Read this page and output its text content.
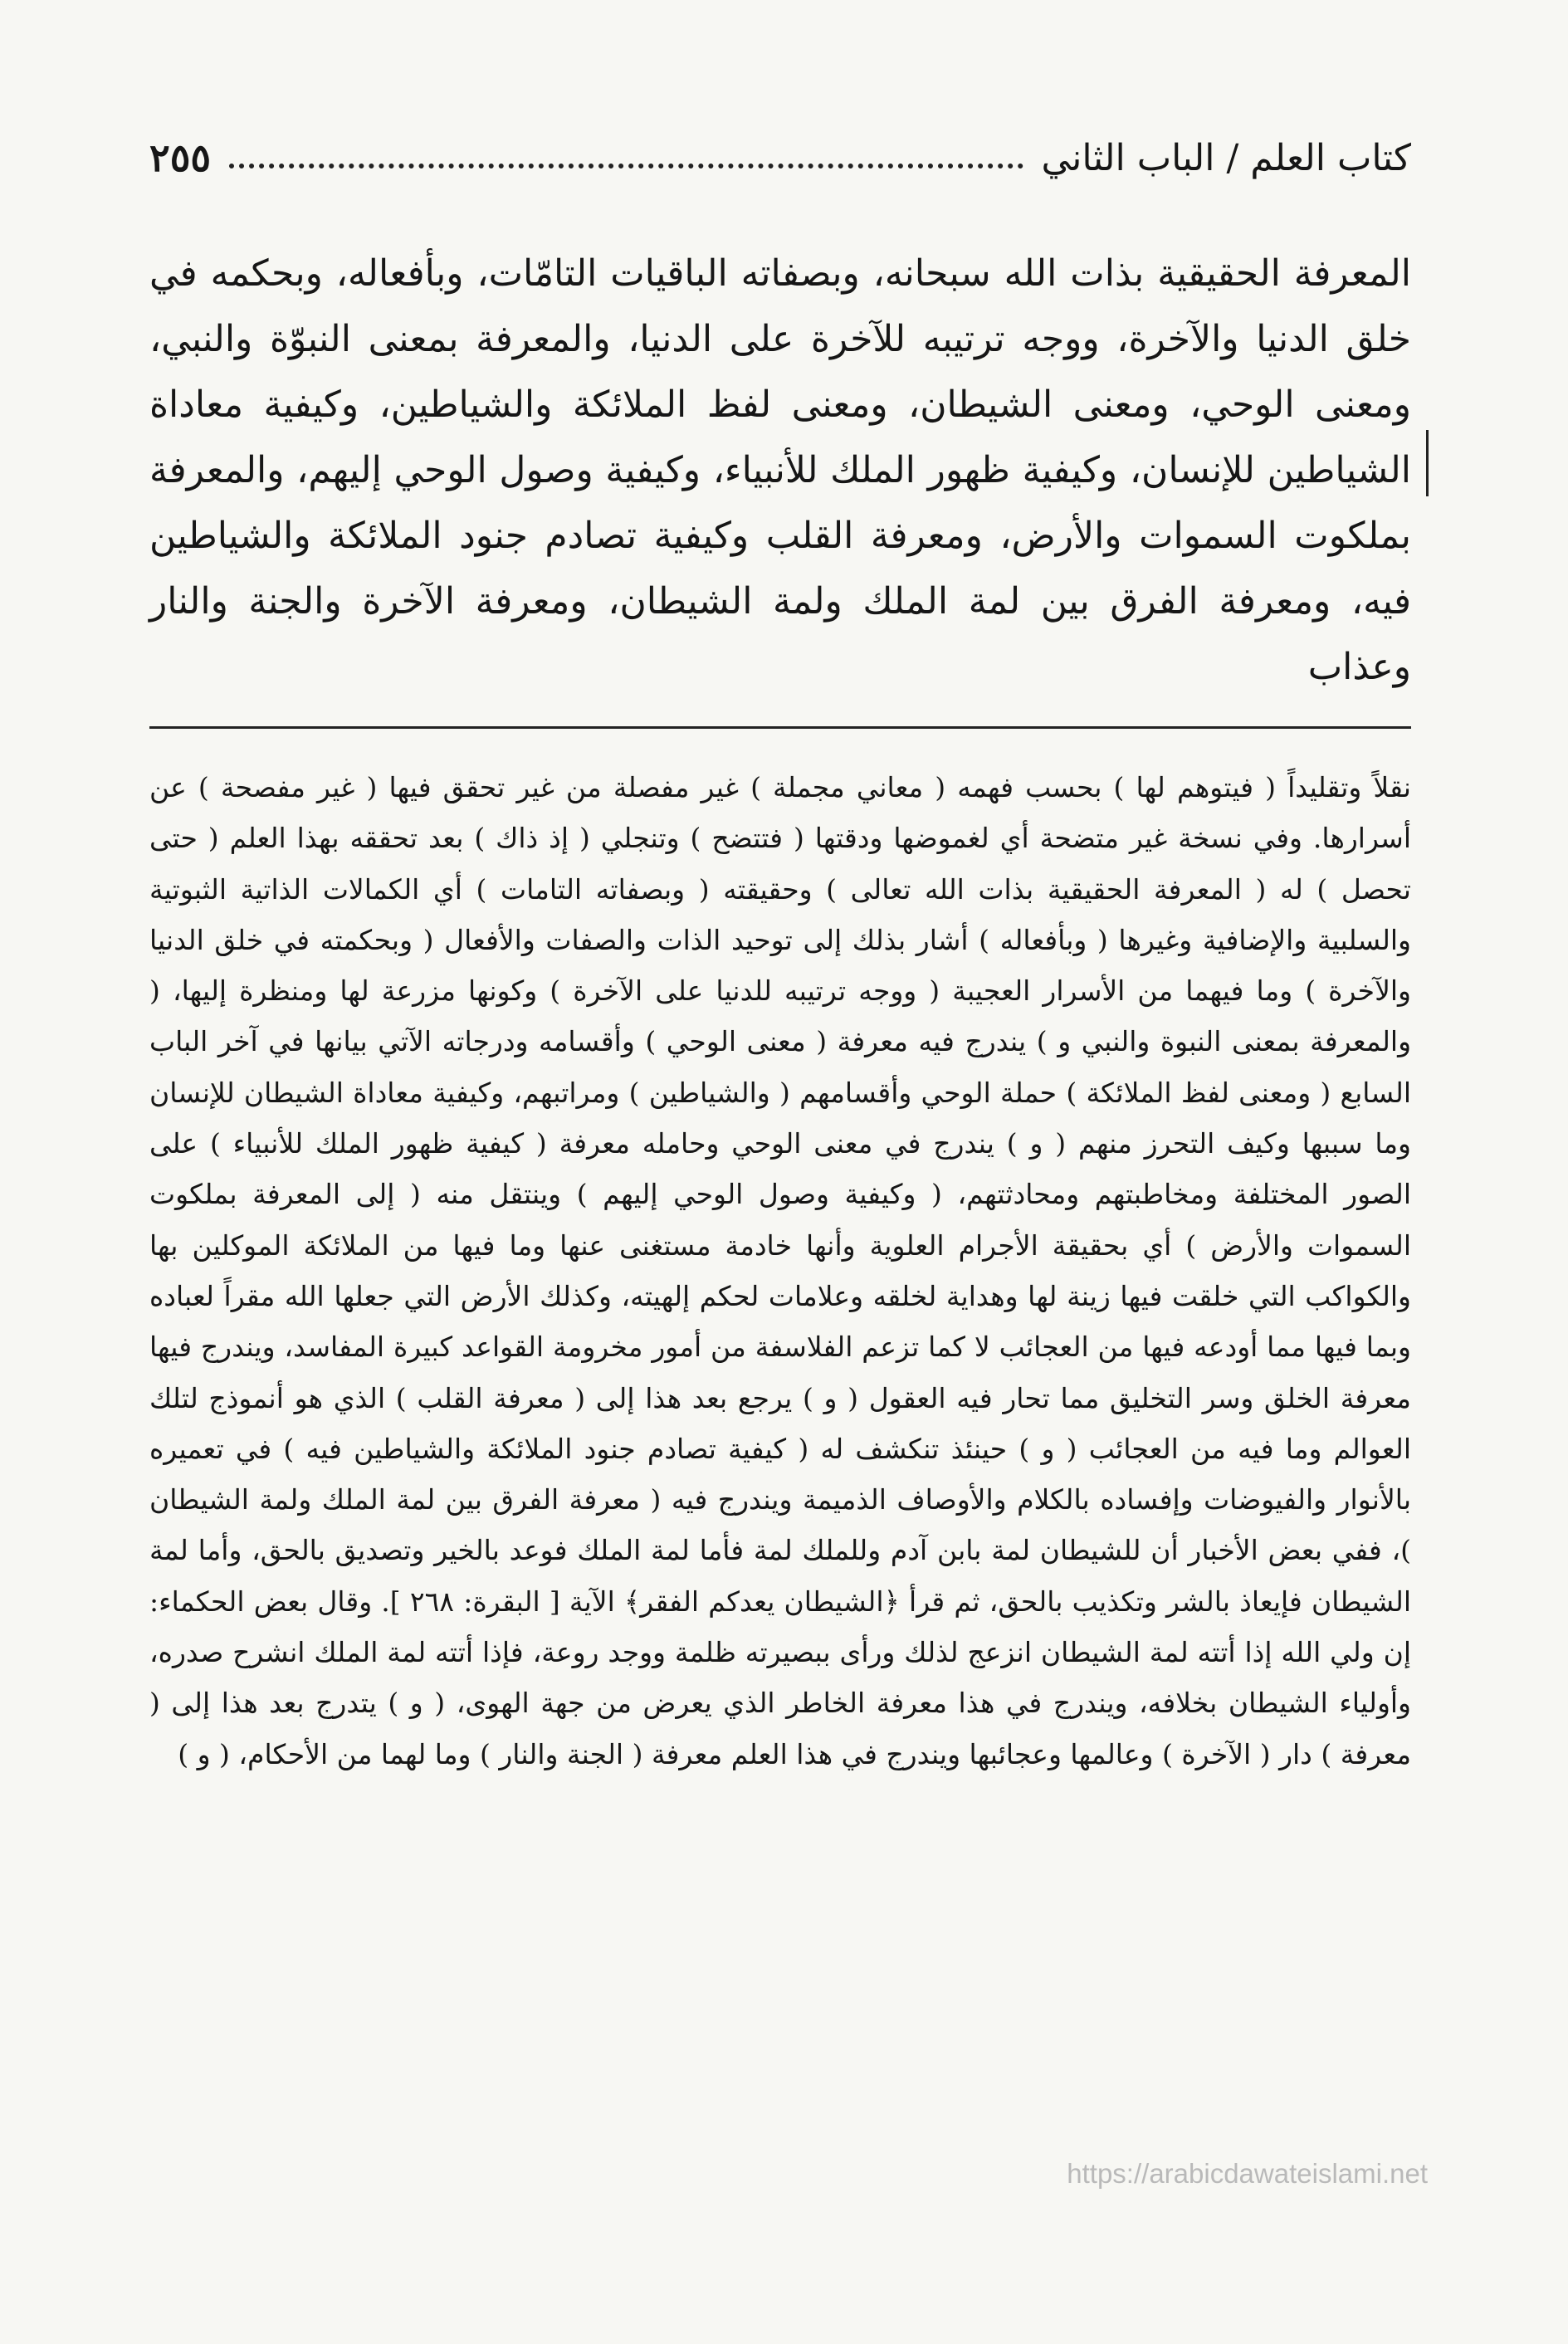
كتاب العلم / الباب الثاني
٢٥٥

المعرفة الحقيقية بذات الله سبحانه، وبصفاته الباقيات التامّات، وبأفعاله، وبحكمه في خلق الدنيا والآخرة، ووجه ترتيبه للآخرة على الدنيا، والمعرفة بمعنى النبوّة والنبي، ومعنى الوحي، ومعنى الشيطان، ومعنى لفظ الملائكة والشياطين، وكيفية معاداة الشياطين للإنسان، وكيفية ظهور الملك للأنبياء، وكيفية وصول الوحي إليهم، والمعرفة بملكوت السموات والأرض، ومعرفة القلب وكيفية تصادم جنود الملائكة والشياطين فيه، ومعرفة الفرق بين لمة الملك ولمة الشيطان، ومعرفة الآخرة والجنة والنار وعذاب

نقلاً وتقليداً ( فيتوهم لها ) بحسب فهمه ( معاني مجملة ) غير مفصلة من غير تحقق فيها ( غير مفصحة ) عن أسرارها. وفي نسخة غير متضحة أي لغموضها ودقتها ( فتتضح ) وتنجلي ( إذ ذاك ) بعد تحققه بهذا العلم ( حتى تحصل ) له ( المعرفة الحقيقية بذات الله تعالى ) وحقيقته ( وبصفاته التامات ) أي الكمالات الذاتية الثبوتية والسلبية والإضافية وغيرها ( وبأفعاله ) أشار بذلك إلى توحيد الذات والصفات والأفعال ( وبحكمته في خلق الدنيا والآخرة ) وما فيهما من الأسرار العجيبة ( ووجه ترتيبه للدنيا على الآخرة ) وكونها مزرعة لها ومنظرة إليها، ( والمعرفة بمعنى النبوة والنبي و ) يندرج فيه معرفة ( معنى الوحي ) وأقسامه ودرجاته الآتي بيانها في آخر الباب السابع ( ومعنى لفظ الملائكة ) حملة الوحي وأقسامهم ( والشياطين ) ومراتبهم، وكيفية معاداة الشيطان للإنسان وما سببها وكيف التحرز منهم ( و ) يندرج في معنى الوحي وحامله معرفة ( كيفية ظهور الملك للأنبياء ) على الصور المختلفة ومخاطبتهم ومحادثتهم، ( وكيفية وصول الوحي إليهم ) وينتقل منه ( إلى المعرفة بملكوت السموات والأرض ) أي بحقيقة الأجرام العلوية وأنها خادمة مستغنى عنها وما فيها من الملائكة الموكلين بها والكواكب التي خلقت فيها زينة لها وهداية لخلقه وعلامات لحكم إلهيته، وكذلك الأرض التي جعلها الله مقراً لعباده وبما فيها مما أودعه فيها من العجائب لا كما تزعم الفلاسفة من أمور مخرومة القواعد كبيرة المفاسد، ويندرج فيها معرفة الخلق وسر التخليق مما تحار فيه العقول ( و ) يرجع بعد هذا إلى ( معرفة القلب ) الذي هو أنموذج لتلك العوالم وما فيه من العجائب ( و ) حينئذ تنكشف له ( كيفية تصادم جنود الملائكة والشياطين فيه ) في تعميره بالأنوار والفيوضات وإفساده بالكلام والأوصاف الذميمة ويندرج فيه ( معرفة الفرق بين لمة الملك ولمة الشيطان )، ففي بعض الأخبار أن للشيطان لمة بابن آدم وللملك لمة فأما لمة الملك فوعد بالخير وتصديق بالحق، وأما لمة الشيطان فإيعاذ بالشر وتكذيب بالحق، ثم قرأ ﴿الشيطان يعدكم الفقر﴾ الآية [ البقرة: ٢٦٨ ]. وقال بعض الحكماء: إن ولي الله إذا أتته لمة الشيطان انزعج لذلك ورأى ببصيرته ظلمة ووجد روعة، فإذا أتته لمة الملك انشرح صدره، وأولياء الشيطان بخلافه، ويندرج في هذا معرفة الخاطر الذي يعرض من جهة الهوى، ( و ) يتدرج بعد هذا إلى ( معرفة ) دار ( الآخرة ) وعالمها وعجائبها ويندرج في هذا العلم معرفة ( الجنة والنار ) وما لهما من الأحكام، ( و )

https://arabicdawateislami.net
